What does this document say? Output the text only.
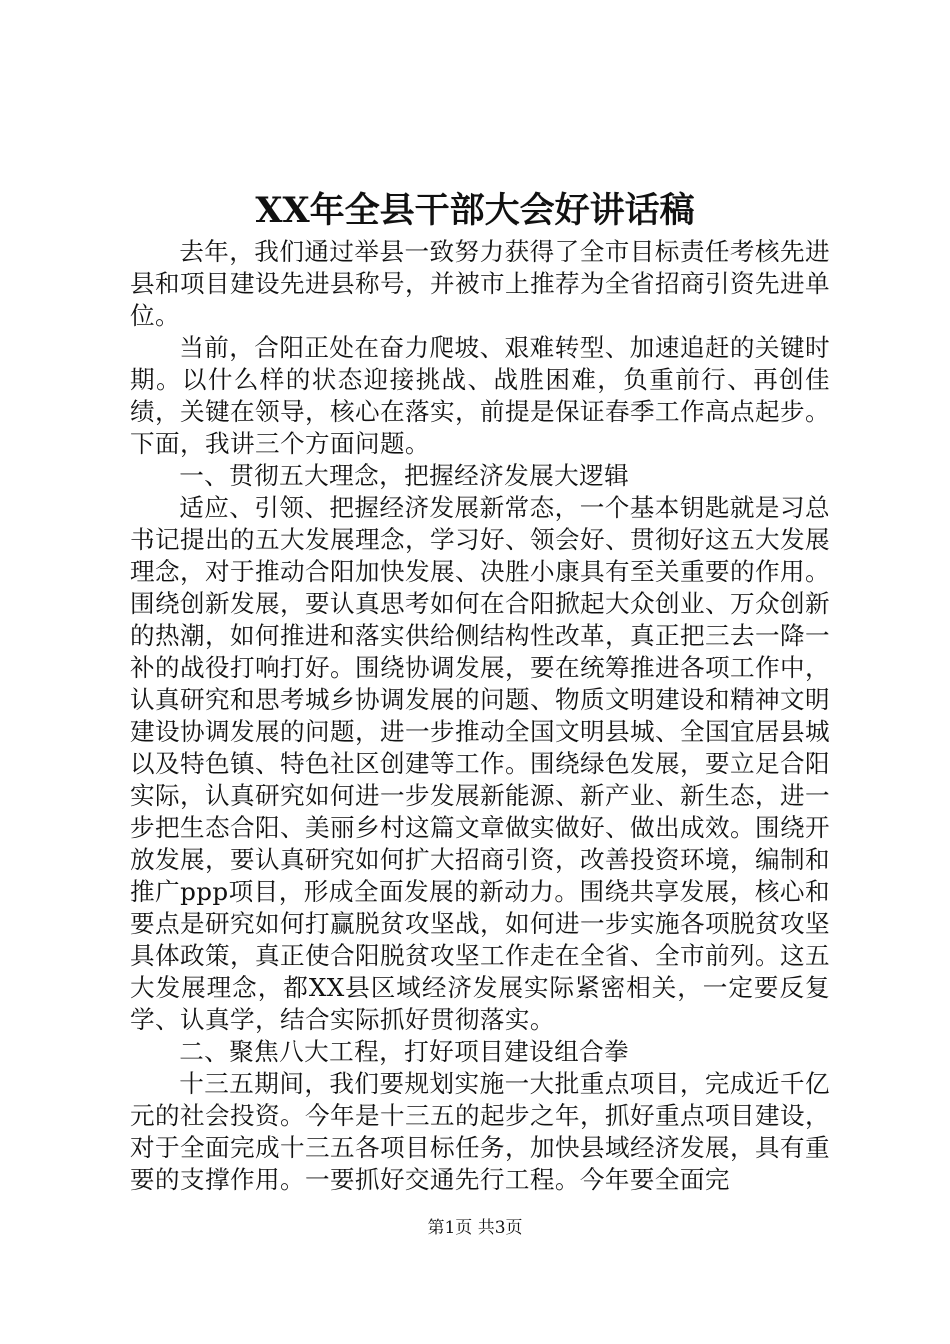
XX年全县干部大会好讲话稿

去年，我们通过举县一致努力获得了全市目标责任考核先进县和项目建设先进县称号，并被市上推荐为全省招商引资先进单位。

当前，合阳正处在奋力爬坡、艰难转型、加速追赶的关键时期。以什么样的状态迎接挑战、战胜困难，负重前行、再创佳绩，关键在领导，核心在落实，前提是保证春季工作高点起步。下面，我讲三个方面问题。

一、贯彻五大理念，把握经济发展大逻辑

适应、引领、把握经济发展新常态，一个基本钥匙就是习总书记提出的五大发展理念，学习好、领会好、贯彻好这五大发展理念，对于推动合阳加快发展、决胜小康具有至关重要的作用。围绕创新发展，要认真思考如何在合阳掀起大众创业、万众创新的热潮，如何推进和落实供给侧结构性改革，真正把三去一降一补的战役打响打好。围绕协调发展，要在统筹推进各项工作中，认真研究和思考城乡协调发展的问题、物质文明建设和精神文明建设协调发展的问题，进一步推动全国文明县城、全国宜居县城以及特色镇、特色社区创建等工作。围绕绿色发展，要立足合阳实际，认真研究如何进一步发展新能源、新产业、新生态，进一步把生态合阳、美丽乡村这篇文章做实做好、做出成效。围绕开放发展，要认真研究如何扩大招商引资，改善投资环境，编制和推广ppp项目，形成全面发展的新动力。围绕共享发展，核心和要点是研究如何打赢脱贫攻坚战，如何进一步实施各项脱贫攻坚具体政策，真正使合阳脱贫攻坚工作走在全省、全市前列。这五大发展理念，都XX县区域经济发展实际紧密相关，一定要反复学、认真学，结合实际抓好贯彻落实。

二、聚焦八大工程，打好项目建设组合拳

十三五期间，我们要规划实施一大批重点项目，完成近千亿元的社会投资。今年是十三五的起步之年，抓好重点项目建设，对于全面完成十三五各项目标任务，加快县域经济发展，具有重要的支撑作用。一要抓好交通先行工程。今年要全面完

第1页 共3页
